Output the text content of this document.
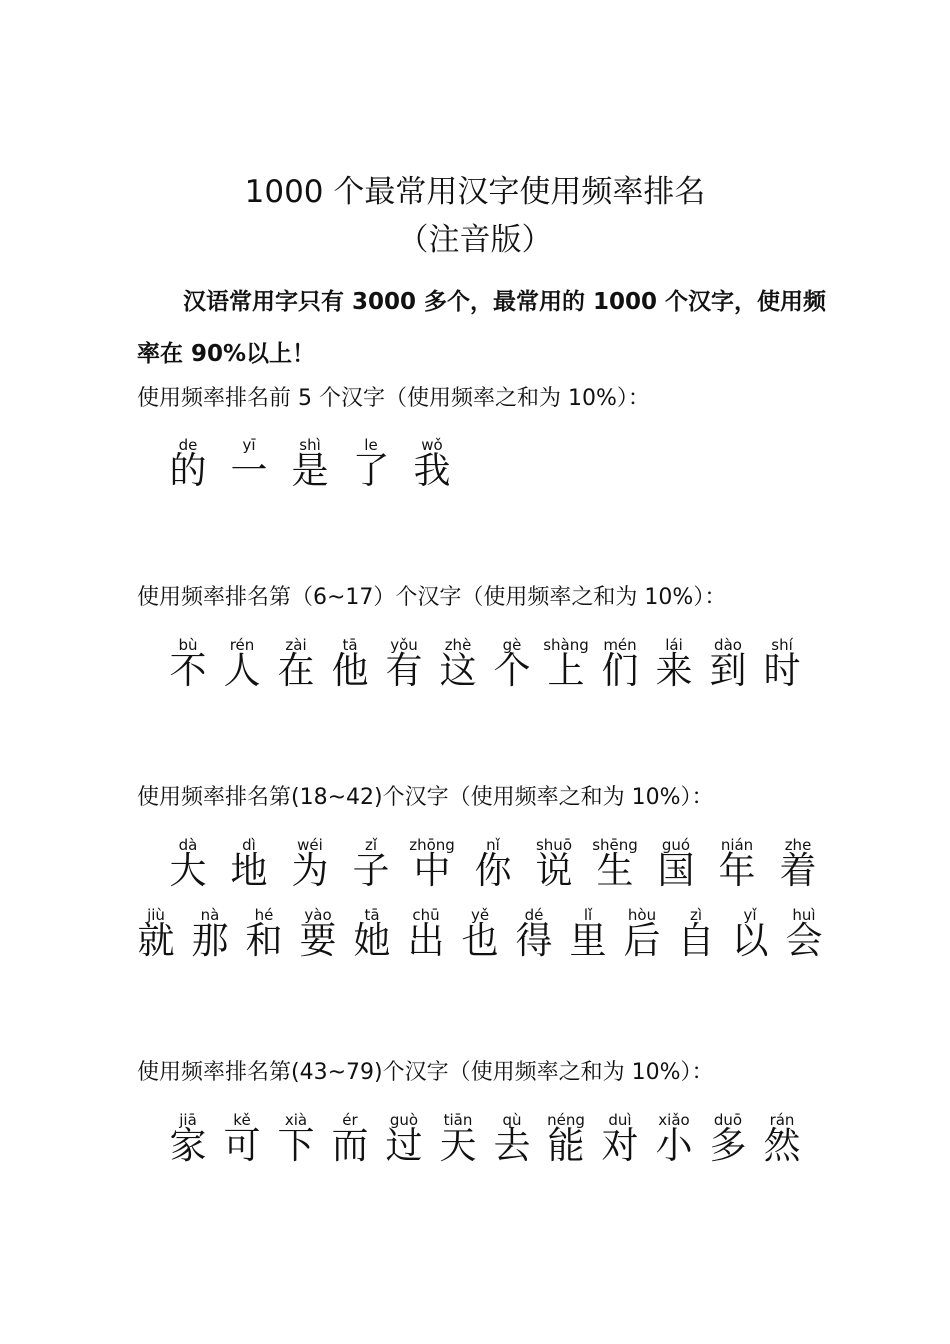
1000 个最常用汉字使用频率排名
（注音版）

汉语常用字只有 3000 多个，最常用的 1000 个汉字，使用频率在 90%以上！

使用频率排名前 5 个汉字（使用频率之和为 10%）：

的
de
一
yī
是
shì
了
le
我
wǒ

使用频率排名第（6~17）个汉字（使用频率之和为 10%）：

不
bù
人
rén
在
zài
他
tā
有
yǒu
这
zhè
个
gè
上
shàng
们
mén
来
lái
到
dào
时
shí

使用频率排名第(18~42)个汉字（使用频率之和为 10%）：

大
dà
地
dì
为
wéi
子
zǐ
中
zhōng
你
nǐ
说
shuō
生
shēng
国
guó
年
nián
着
zhe
就
jiù
那
nà
和
hé
要
yào
她
tā
出
chū
也
yě
得
dé
里
lǐ
后
hòu
自
zì
以
yǐ
会
huì

使用频率排名第(43~79)个汉字（使用频率之和为 10%）：

家
jiā
可
kě
下
xià
而
ér
过
guò
天
tiān
去
qù
能
néng
对
duì
小
xiǎo
多
duō
然
rán
